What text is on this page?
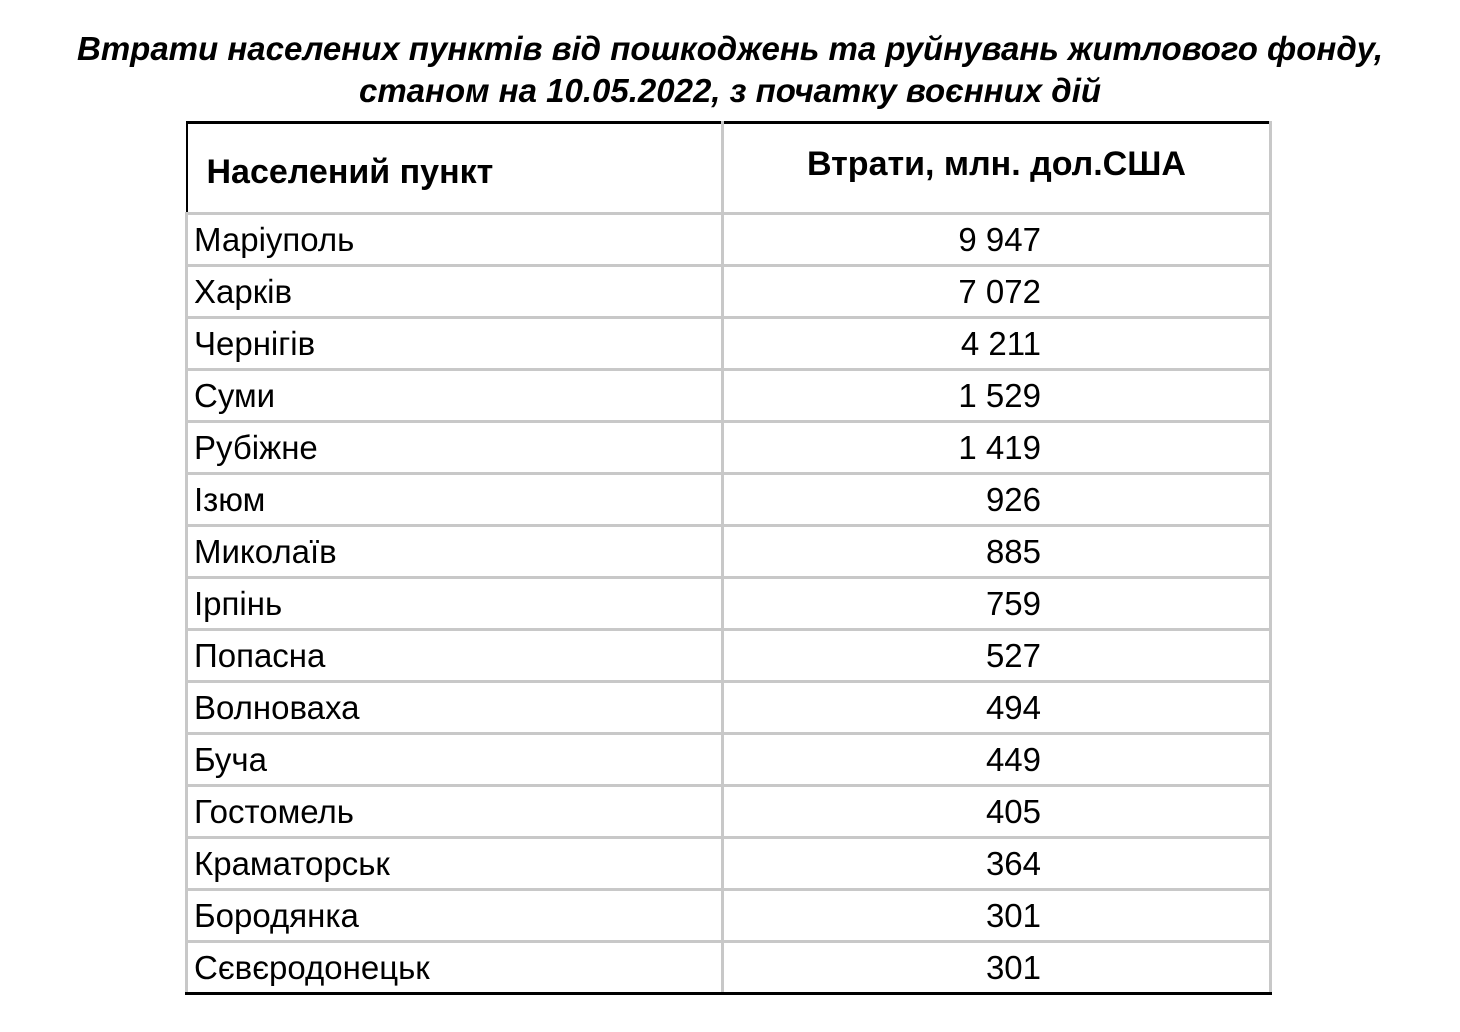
Втрати населених пунктів від пошкоджень та руйнувань житлового фонду,
станом на 10.05.2022, з початку воєнних дій
Населений пункт	Втрати, млн. дол.США
Маріуполь	9 947
Харків	7 072
Чернігів	4 211
Суми	1 529
Рубіжне	1 419
Ізюм	926
Миколаїв	885
Ірпінь	759
Попасна	527
Волноваха	494
Буча	449
Гостомель	405
Краматорськ	364
Бородянка	301
Сєвєродонецьк	301
